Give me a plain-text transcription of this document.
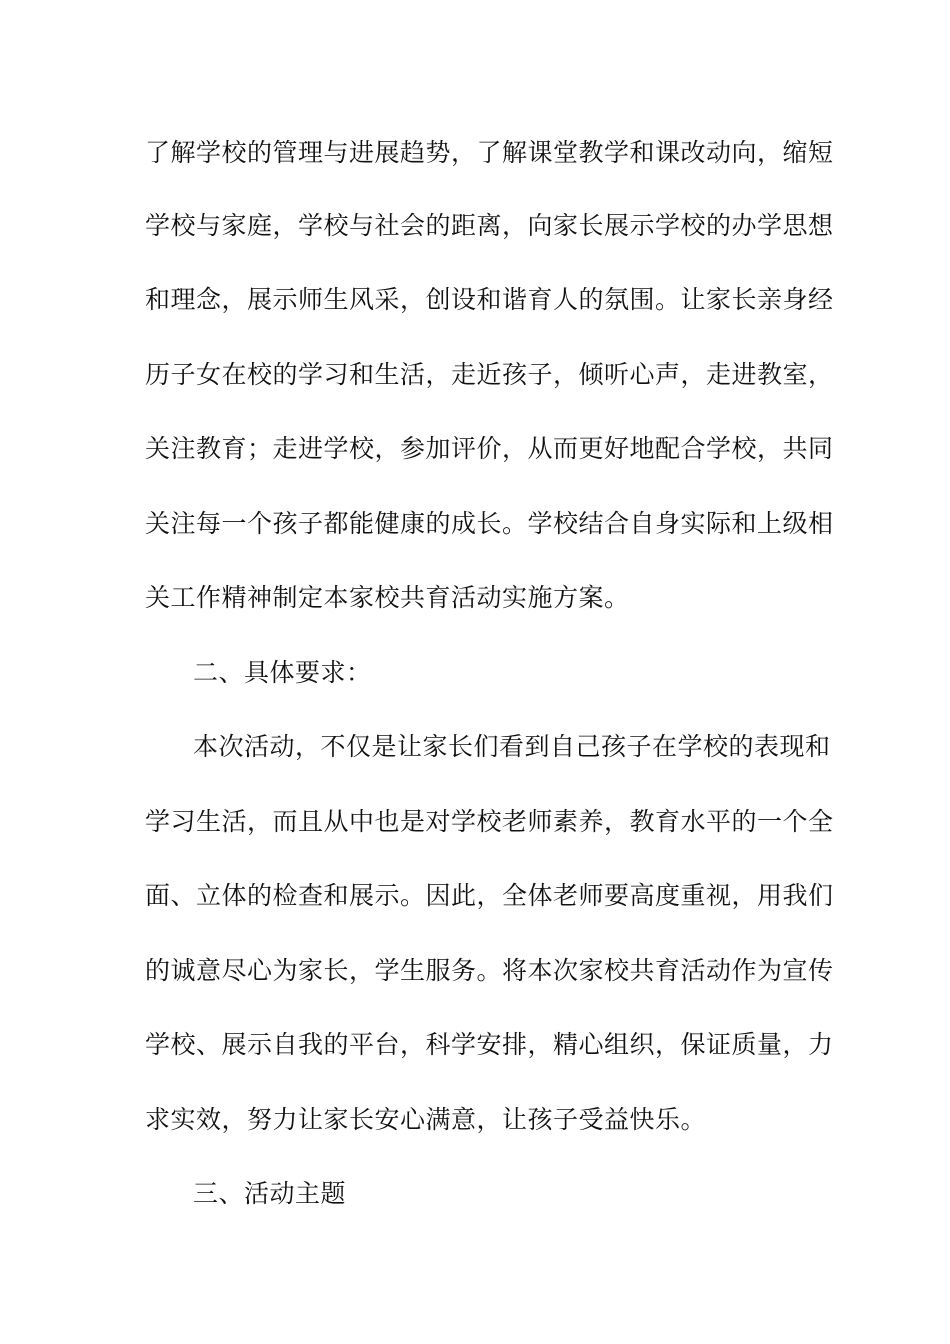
了解学校的管理与进展趋势，了解课堂教学和课改动向，缩短
学校与家庭，学校与社会的距离，向家长展示学校的办学思想
和理念，展示师生风采，创设和谐育人的氛围。让家长亲身经
历子女在校的学习和生活，走近孩子，倾听心声，走进教室，
关注教育；走进学校，参加评价，从而更好地配合学校，共同
关注每一个孩子都能健康的成长。学校结合自身实际和上级相
关工作精神制定本家校共育活动实施方案。
二、具体要求：
本次活动，不仅是让家长们看到自己孩子在学校的表现和
学习生活，而且从中也是对学校老师素养，教育水平的一个全
面、立体的检查和展示。因此，全体老师要高度重视，用我们
的诚意尽心为家长，学生服务。将本次家校共育活动作为宣传
学校、展示自我的平台，科学安排，精心组织，保证质量，力
求实效，努力让家长安心满意，让孩子受益快乐。
三、活动主题
